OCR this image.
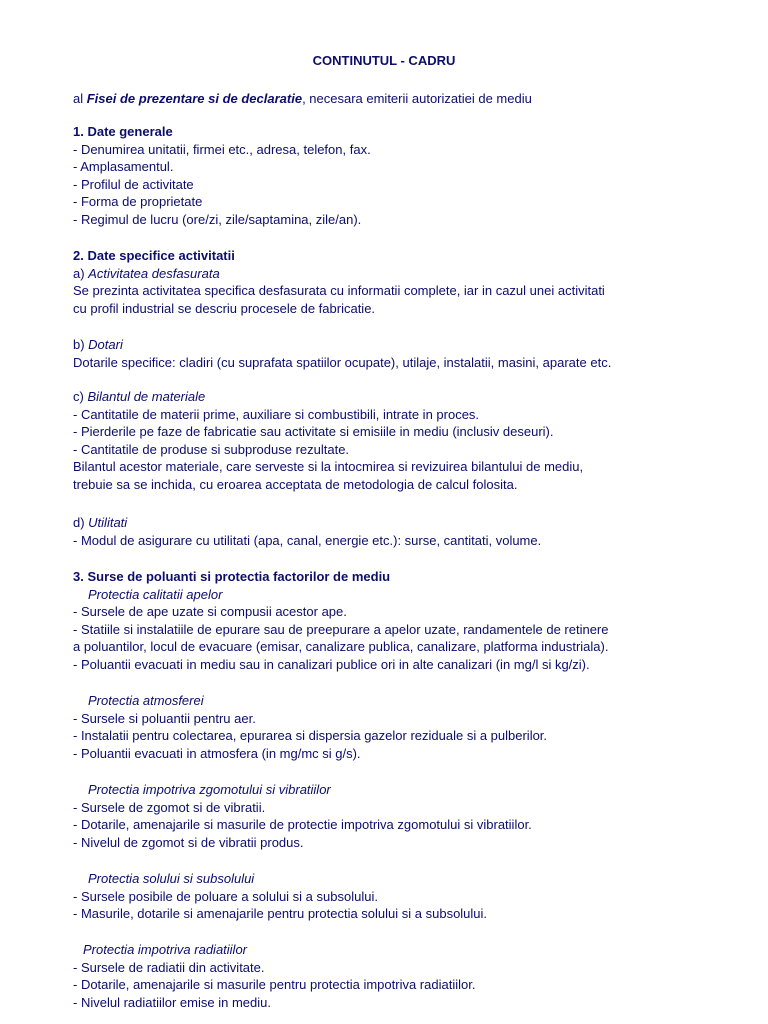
CONTINUTUL - CADRU
al Fisei de prezentare si de declaratie, necesara emiterii autorizatiei de mediu
1. Date generale
- Denumirea unitatii, firmei etc., adresa, telefon, fax.
- Amplasamentul.
- Profilul de activitate
- Forma de proprietate
- Regimul de lucru (ore/zi, zile/saptamina, zile/an).
2. Date specifice activitatii
a) Activitatea desfasurata
Se prezinta activitatea specifica desfasurata cu informatii complete, iar in cazul unei activitati
cu profil industrial se descriu procesele de fabricatie.
b) Dotari
Dotarile specifice: cladiri (cu suprafata spatiilor ocupate), utilaje, instalatii, masini, aparate etc.
c) Bilantul de materiale
- Cantitatile de materii prime, auxiliare si combustibili, intrate in proces.
- Pierderile pe faze de fabricatie sau activitate si emisiile in mediu (inclusiv deseuri).
- Cantitatile de produse si subproduse rezultate.
Bilantul acestor materiale, care serveste si la intocmirea si revizuirea bilantului de mediu,
trebuie sa se inchida, cu eroarea acceptata de metodologia de calcul folosita.
d) Utilitati
- Modul de asigurare cu utilitati (apa, canal, energie etc.): surse, cantitati, volume.
3. Surse de poluanti si protectia factorilor de mediu
Protectia calitatii apelor
- Sursele de ape uzate si compusii acestor ape.
- Statiile si instalatiile de epurare sau de preepurare a apelor uzate, randamentele de retinere
a poluantilor, locul de evacuare (emisar, canalizare publica, canalizare, platforma industriala).
- Poluantii evacuati in mediu sau in canalizari publice ori in alte canalizari (in mg/l si kg/zi).
Protectia atmosferei
- Sursele si poluantii pentru aer.
- Instalatii pentru colectarea, epurarea si dispersia gazelor reziduale si a pulberilor.
- Poluantii evacuati in atmosfera (in mg/mc si g/s).
Protectia impotriva zgomotului si vibratiilor
- Sursele de zgomot si de vibratii.
- Dotarile, amenajarile si masurile de protectie impotriva zgomotului si vibratiilor.
- Nivelul de zgomot si de vibratii produs.
Protectia solului si subsolului
- Sursele posibile de poluare a solului si a subsolului.
- Masurile, dotarile si amenajarile pentru protectia solului si a subsolului.
Protectia impotriva radiatiilor
- Sursele de radiatii din activitate.
- Dotarile, amenajarile si masurile pentru protectia impotriva radiatiilor.
- Nivelul radiatiilor emise in mediu.
